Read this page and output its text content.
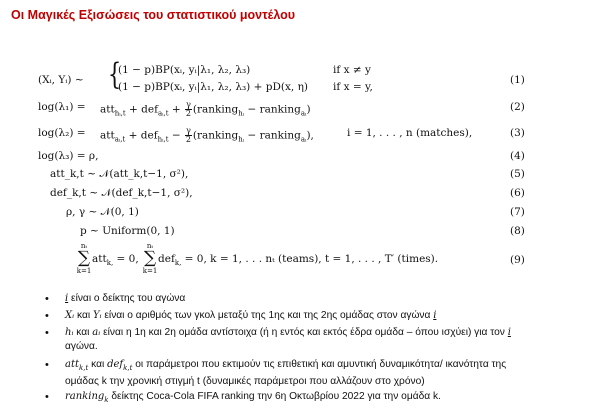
Οι Μαγικές Εξισώσεις του στατιστικού μοντέλου
(Xᵢ, Yᵢ) ∼ {
(1 − p)BP(xᵢ, yᵢ|λ₁, λ₂, λ₃)	if x ≠ y
(1 − p)BP(xᵢ, yᵢ|λ₁, λ₂, λ₃) + pD(x, η) if x = y,
(1)
$\log(\lambda_1) = att_{hᵢ,t} + def_{aᵢ,t} + \frac{\gamma}{2}$ (ranking$_{hᵢ}$ − ranking$_{aᵢ}$)	(2)
$\log(\lambda_2) = att_{aᵢ,t} + def_{hᵢ,t} - \frac{\gamma}{2}$ (ranking$_{hᵢ}$ − ranking$_{aᵢ}$),	i = 1, . . . , n (matches),	(3)
log(λ₃) = ρ,	(4)
att_k,t ∼ 𝒩(att_k,t−1, σ²),	(5)
def_k,t ∼ 𝒩(def_k,t−1, σ²),	(6)
ρ, γ ∼ 𝒩(0, 1)	(7)
p ∼ Uniform(0, 1)	(8)
nₜ
∑
k=1
att$_{k,}$ = 0,
nₜ
∑
k=1
def$_{k,}$ = 0, k = 1, . . . nₜ (teams), t = 1, . . . , T′ (times).	(9)
• i είναι ο δείκτης του αγώνα
• Xᵢ και Yᵢ είναι ο αριθμός των γκολ μεταξύ της 1ης και της 2ης ομάδας στον αγώνα i
• hᵢ και aᵢ είναι η 1η και 2η ομάδα αντίστοιχα (ή η εντός και εκτός έδρα ομάδα – όπου ισχύει) για τον i
αγώνα.
• att$_{k,t}$ και def$_{k,t}$ οι παράμετροι που εκτιμούν τις επιθετική και αμυντική δυναμικότητα/ ικανότητα της
ομάδας k την χρονική στιγμή t (δυναμικές παράμετροι που αλλάζουν στο χρόνο)
• ranking$_k$ δείκτης Coca-Cola FIFA ranking την 6η Οκτωβρίου 2022 για την ομάδα k.
